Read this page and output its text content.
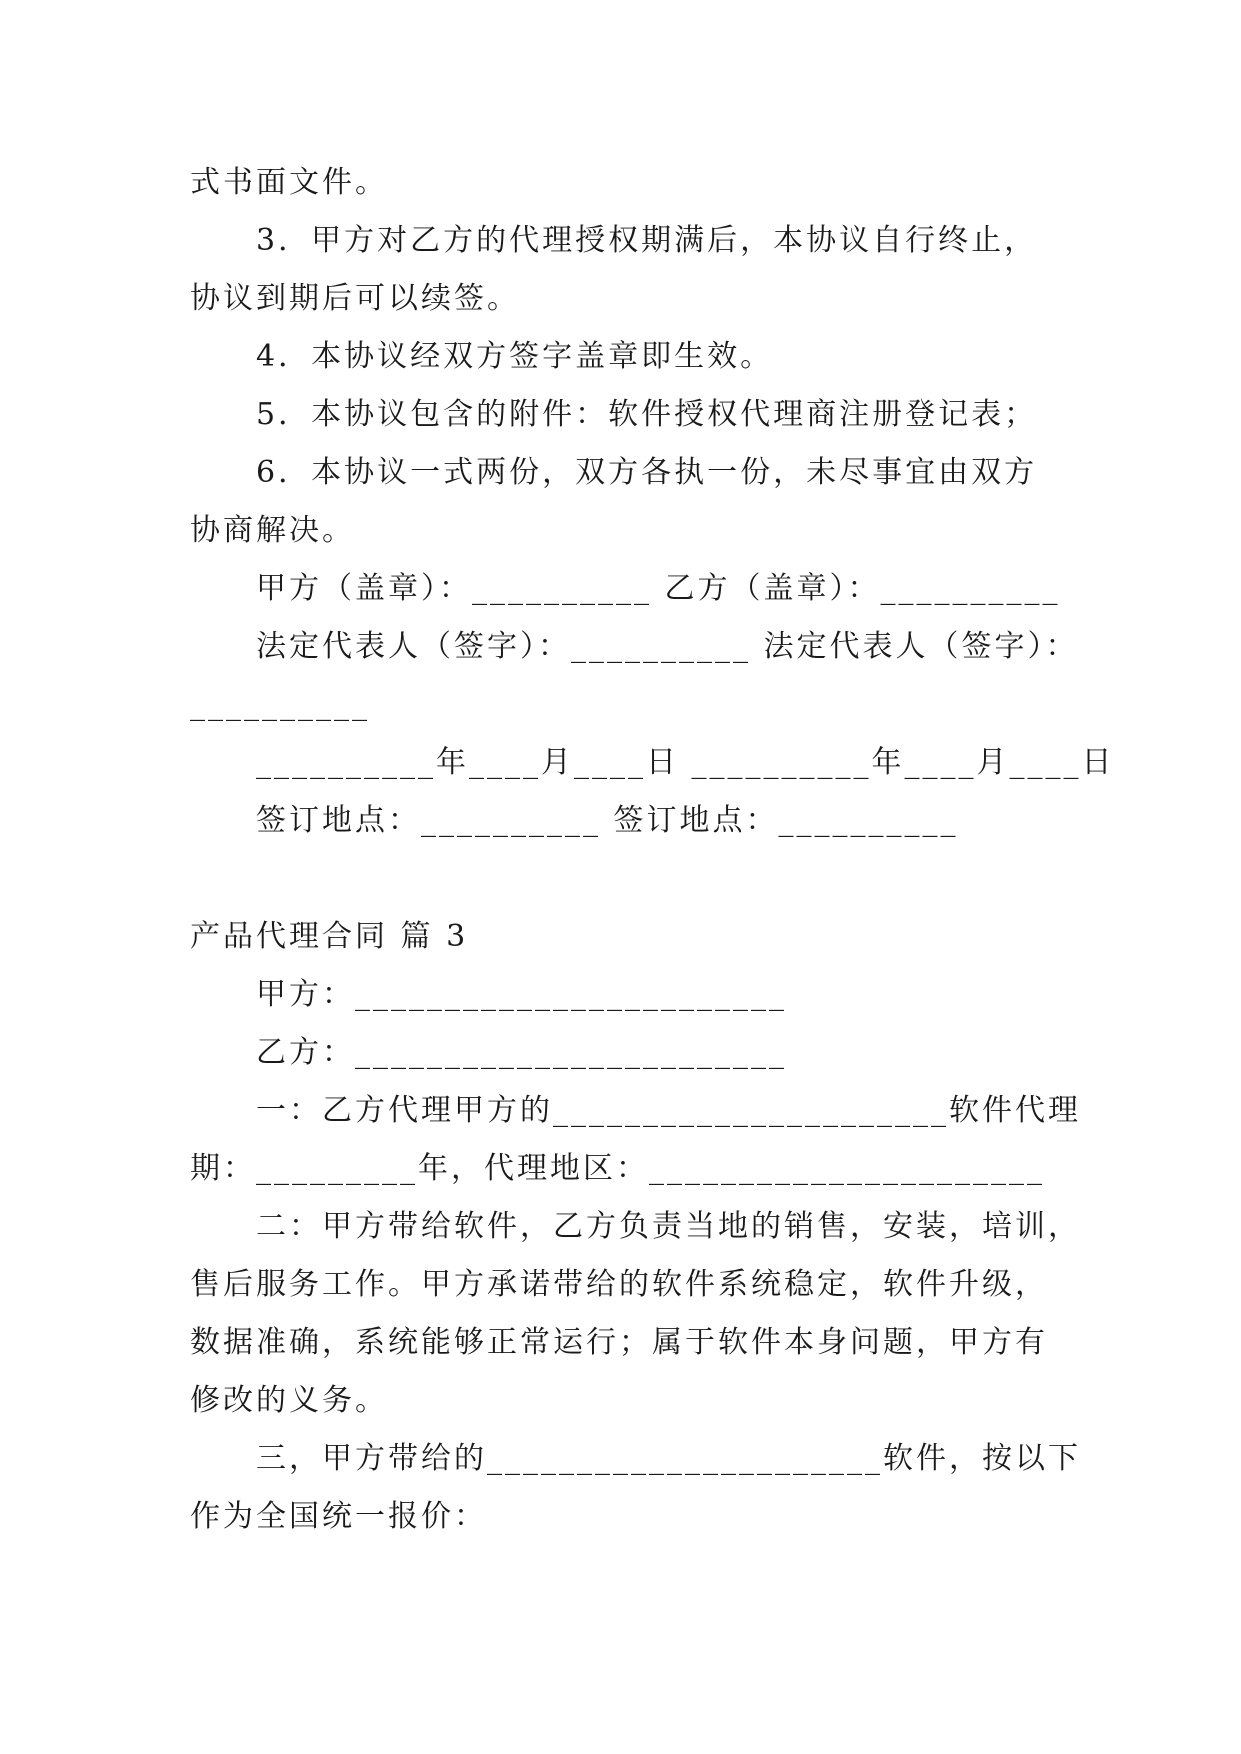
式书面文件。
3．甲方对乙方的代理授权期满后，本协议自行终止，
协议到期后可以续签。
4．本协议经双方签字盖章即生效。
5．本协议包含的附件：软件授权代理商注册登记表；
6．本协议一式两份，双方各执一份，未尽事宜由双方
协商解决。
甲方（盖章）：__________ 乙方（盖章）：__________
法定代表人（签字）：__________ 法定代表人（签字）：
__________
__________年____月____日 __________年____月____日
签订地点：__________ 签订地点：__________
产品代理合同 篇 3
甲方：________________________
乙方：________________________
一：乙方代理甲方的______________________软件代理
期：_________年，代理地区：______________________
二：甲方带给软件，乙方负责当地的销售，安装，培训，
售后服务工作。甲方承诺带给的软件系统稳定，软件升级，
数据准确，系统能够正常运行；属于软件本身问题，甲方有
修改的义务。
三，甲方带给的______________________软件，按以下
作为全国统一报价：
